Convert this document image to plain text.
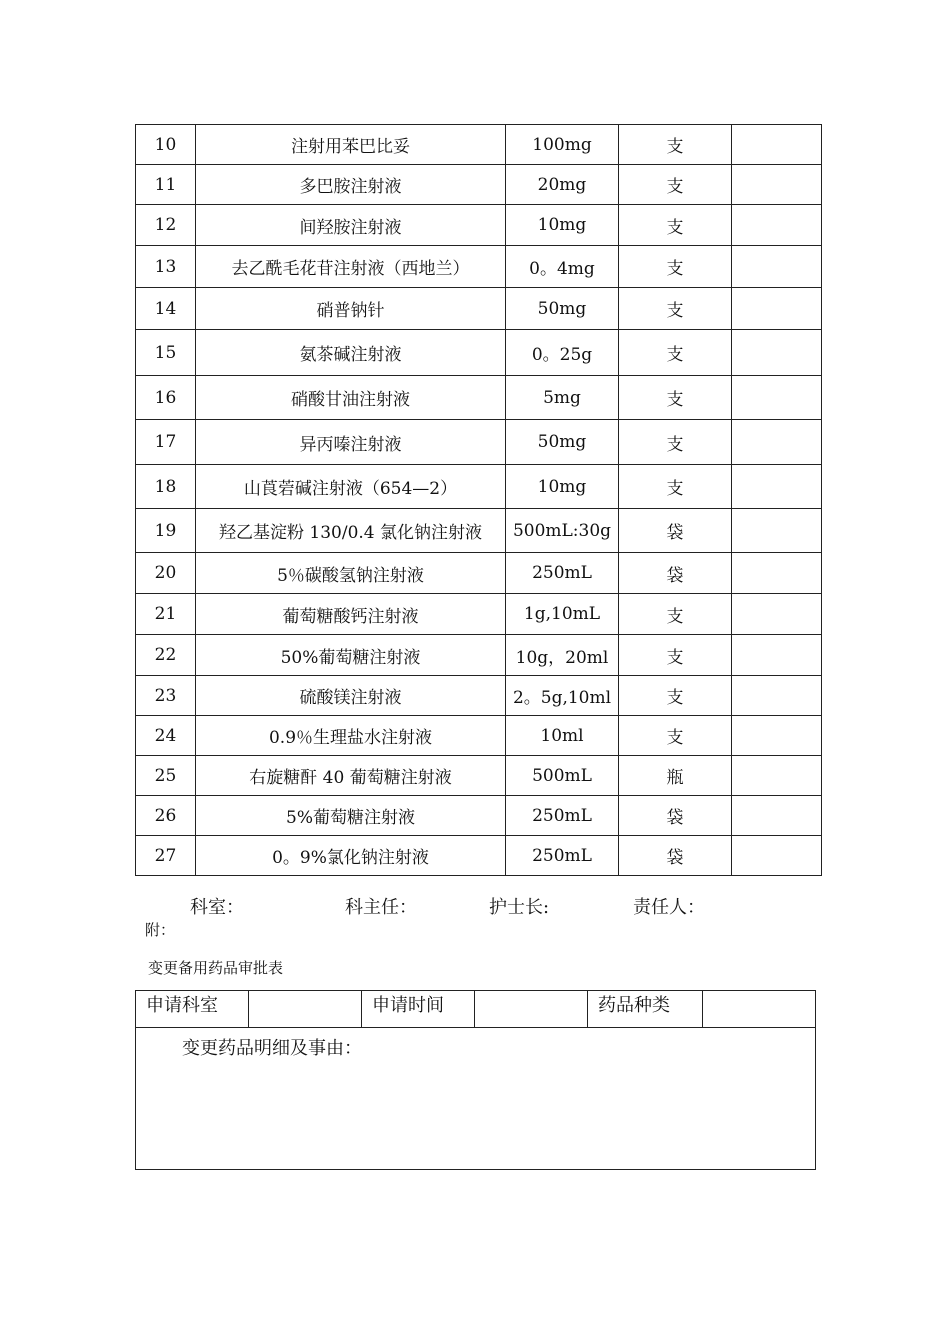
10	注射用苯巴比妥	100mg	支	
11	多巴胺注射液	20mg	支	
12	间羟胺注射液	10mg	支	
13	去乙酰毛花苷注射液（西地兰）	0。4mg	支	
14	硝普钠针	50mg	支	
15	氨茶碱注射液	0。25g	支	
16	硝酸甘油注射液	5mg	支	
17	异丙嗪注射液	50mg	支	
18	山莨菪碱注射液（654—2）	10mg	支	
19	羟乙基淀粉 130/0.4 氯化钠注射液	500mL:30g	袋	
20	5％碳酸氢钠注射液	250mL	袋	
21	葡萄糖酸钙注射液	1g,10mL	支	
22	50%葡萄糖注射液	10g，20ml	支	
23	硫酸镁注射液	2。5g,10ml	支	
24	0.9％生理盐水注射液	10ml	支	
25	右旋糖酐 40 葡萄糖注射液	500mL	瓶	
26	5%葡萄糖注射液	250mL	袋	
27	0。9%氯化钠注射液	250mL	袋	
科室：	科主任：	护士长:	责任人：
附：
变更备用药品审批表
申请科室		申请时间		药品种类	
变更药品明细及事由：
